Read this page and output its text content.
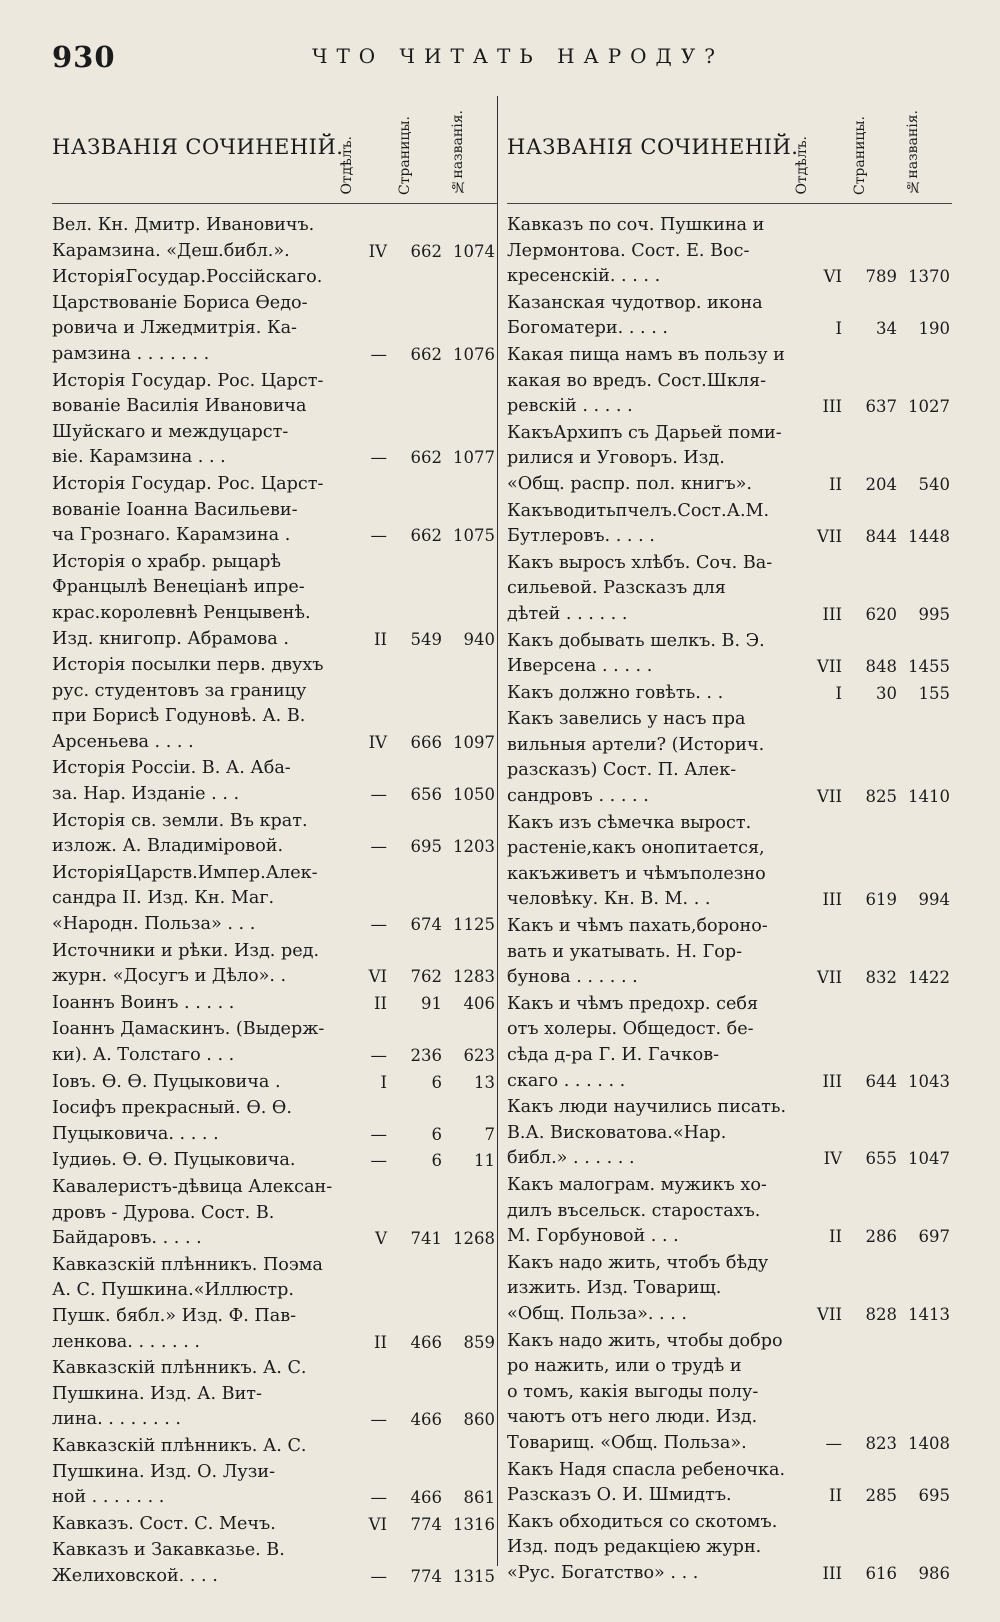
930	ЧТО ЧИТАТЬ НАРОДУ?
НАЗВАНІЯ СОЧИНЕНІЙ.
Отдѣлъ.	Страницы.	№названія.
Вел. Кн. Дмитр. Ивановичъ.
Карамзина. «Деш.библ.».	IV	662 1074
ИсторіяГосудар.Россійскаго.
Царствованіе Бориса Ѳедо-
ровича и Лжедмитрія. Ка-
рамзина . . . . . . .	—	662 1076
Исторія Государ. Рос. Царст-
вованіе Василія Ивановича
Шуйскаго и междуцарст-
віе. Карамзина . . .	—	662 1077
Исторія Государ. Рос. Царст-
вованіе Іоанна Васильеви-
ча Грознаго. Карамзина .	—	662 1075
Исторія о храбр. рыцарѣ
Францылѣ Венеціанѣ ипре-
крас.королевнѣ Ренцывенѣ.
Изд. книгопр. Абрамова .	II	549	940
Исторія посылки перв. двухъ
рус. студентовъ за границу
при Борисѣ Годуновѣ. А. В.
Арсеньева . . . .	IV	666 1097
Исторія Россіи. В. А. Аба-
за. Нар. Изданіе . . .	—	656 1050
Исторія св. земли. Въ крат.
излож. А. Владиміровой.	—	695 1203
ИсторіяЦарств.Импер.Алек-
сандра II. Изд. Кн. Маг.
«Народн. Польза» . . .	—	674 1125
Источники и рѣки. Изд. ред.
журн. «Досугъ и Дѣло». .	VI	762 1283
Іоаннъ Воинъ . . . . .	II	91	406
Іоаннъ Дамаскинъ. (Выдерж-
ки). А. Толстаго . . .	—	236	623
Іовъ. Ѳ. Ѳ. Пуцыковича .	I	6	13
Іосифъ прекрасный. Ѳ. Ѳ.
Пуцыковича. . . . .	—	6	7
Іудиѳь. Ѳ. Ѳ. Пуцыковича.	—	6	11
Кавалеристъ-дѣвица Алексан-
дровъ - Дурова. Сост. В.
Байдаровъ. . . . .	V	741 1268
Кавказскій плѣнникъ. Поэма
А. С. Пушкина.«Иллюстр.
Пушк. бябл.» Изд. Ф. Пав-
ленкова. . . . . . .	II	466	859
Кавказскій плѣнникъ. А. С.
Пушкина. Изд. А. Вит-
лина. . . . . . . .	—	466	860
Кавказскій плѣнникъ. А. С.
Пушкина. Изд. О. Лузи-
ной . . . . . . .	—	466	861
Кавказъ. Сост. С. Мечъ.	VI	774 1316
Кавказъ и Закавказье. В.
Желиховской. . . .	—	774 1315
НАЗВАНІЯ СОЧИНЕНІЙ.
Отдѣлъ.	Страницы.	№названія.
Кавказъ по соч. Пушкина и
Лермонтова. Сост. Е. Вос-
кресенскій. . . . .	VI	789 1370
Казанская чудотвор. икона
Богоматери. . . . .	I	34	190
Какая пища намъ въ пользу и
какая во вредъ. Сост.Шкля-
ревскій . . . . .	III	637 1027
КакъАрхипъ съ Дарьей поми-
рилися и Уговоръ. Изд.
«Общ. распр. пол. книгъ».	II	204	540
Какъводитьпчелъ.Сост.А.М.
Бутлеровъ. . . . .	VII	844 1448
Какъ выросъ хлѣбъ. Соч. Ва-
сильевой. Разсказъ для
дѣтей . . . . . .	III	620	995
Какъ добывать шелкъ. В. Э.
Иверсена . . . . .	VII	848 1455
Какъ должно говѣть. . .	I	30	155
Какъ завелись у насъ пра
вильныя артели? (Историч.
разсказъ) Сост. П. Алек-
сандровъ . . . . .	VII	825 1410
Какъ изъ сѣмечка вырост.
растеніе,какъ онопитается,
какъживетъ и чѣмъполезно
человѣку. Кн. В. М. . .	III	619	994
Какъ и чѣмъ пахать,бороно-
вать и укатывать. Н. Гор-
бунова . . . . . .	VII	832 1422
Какъ и чѣмъ предохр. себя
отъ холеры. Общедост. бе-
сѣда д-ра Г. И. Гачков-
скаго . . . . . .	III	644 1043
Какъ люди научились писать.
В.А. Висковатова.«Нар.
библ.» . . . . . .	IV	655 1047
Какъ малограм. мужикъ хо-
дилъ въсельск. старостахъ.
М. Горбуновой . . .	II	286	697
Какъ надо жить, чтобъ бѣду
изжить. Изд. Товарищ.
«Общ. Польза». . . .	VII	828 1413
Какъ надо жить, чтобы добро
ро нажить, или о трудѣ и
о томъ, какія выгоды полу-
чаютъ отъ него люди. Изд.
Товарищ. «Общ. Польза».	—	823 1408
Какъ Надя спасла ребеночка.
Разсказъ О. И. Шмидтъ.	II	285	695
Какъ обходиться со скотомъ.
Изд. подъ редакціею журн.
«Рус. Богатство» . . .	III	616	986
